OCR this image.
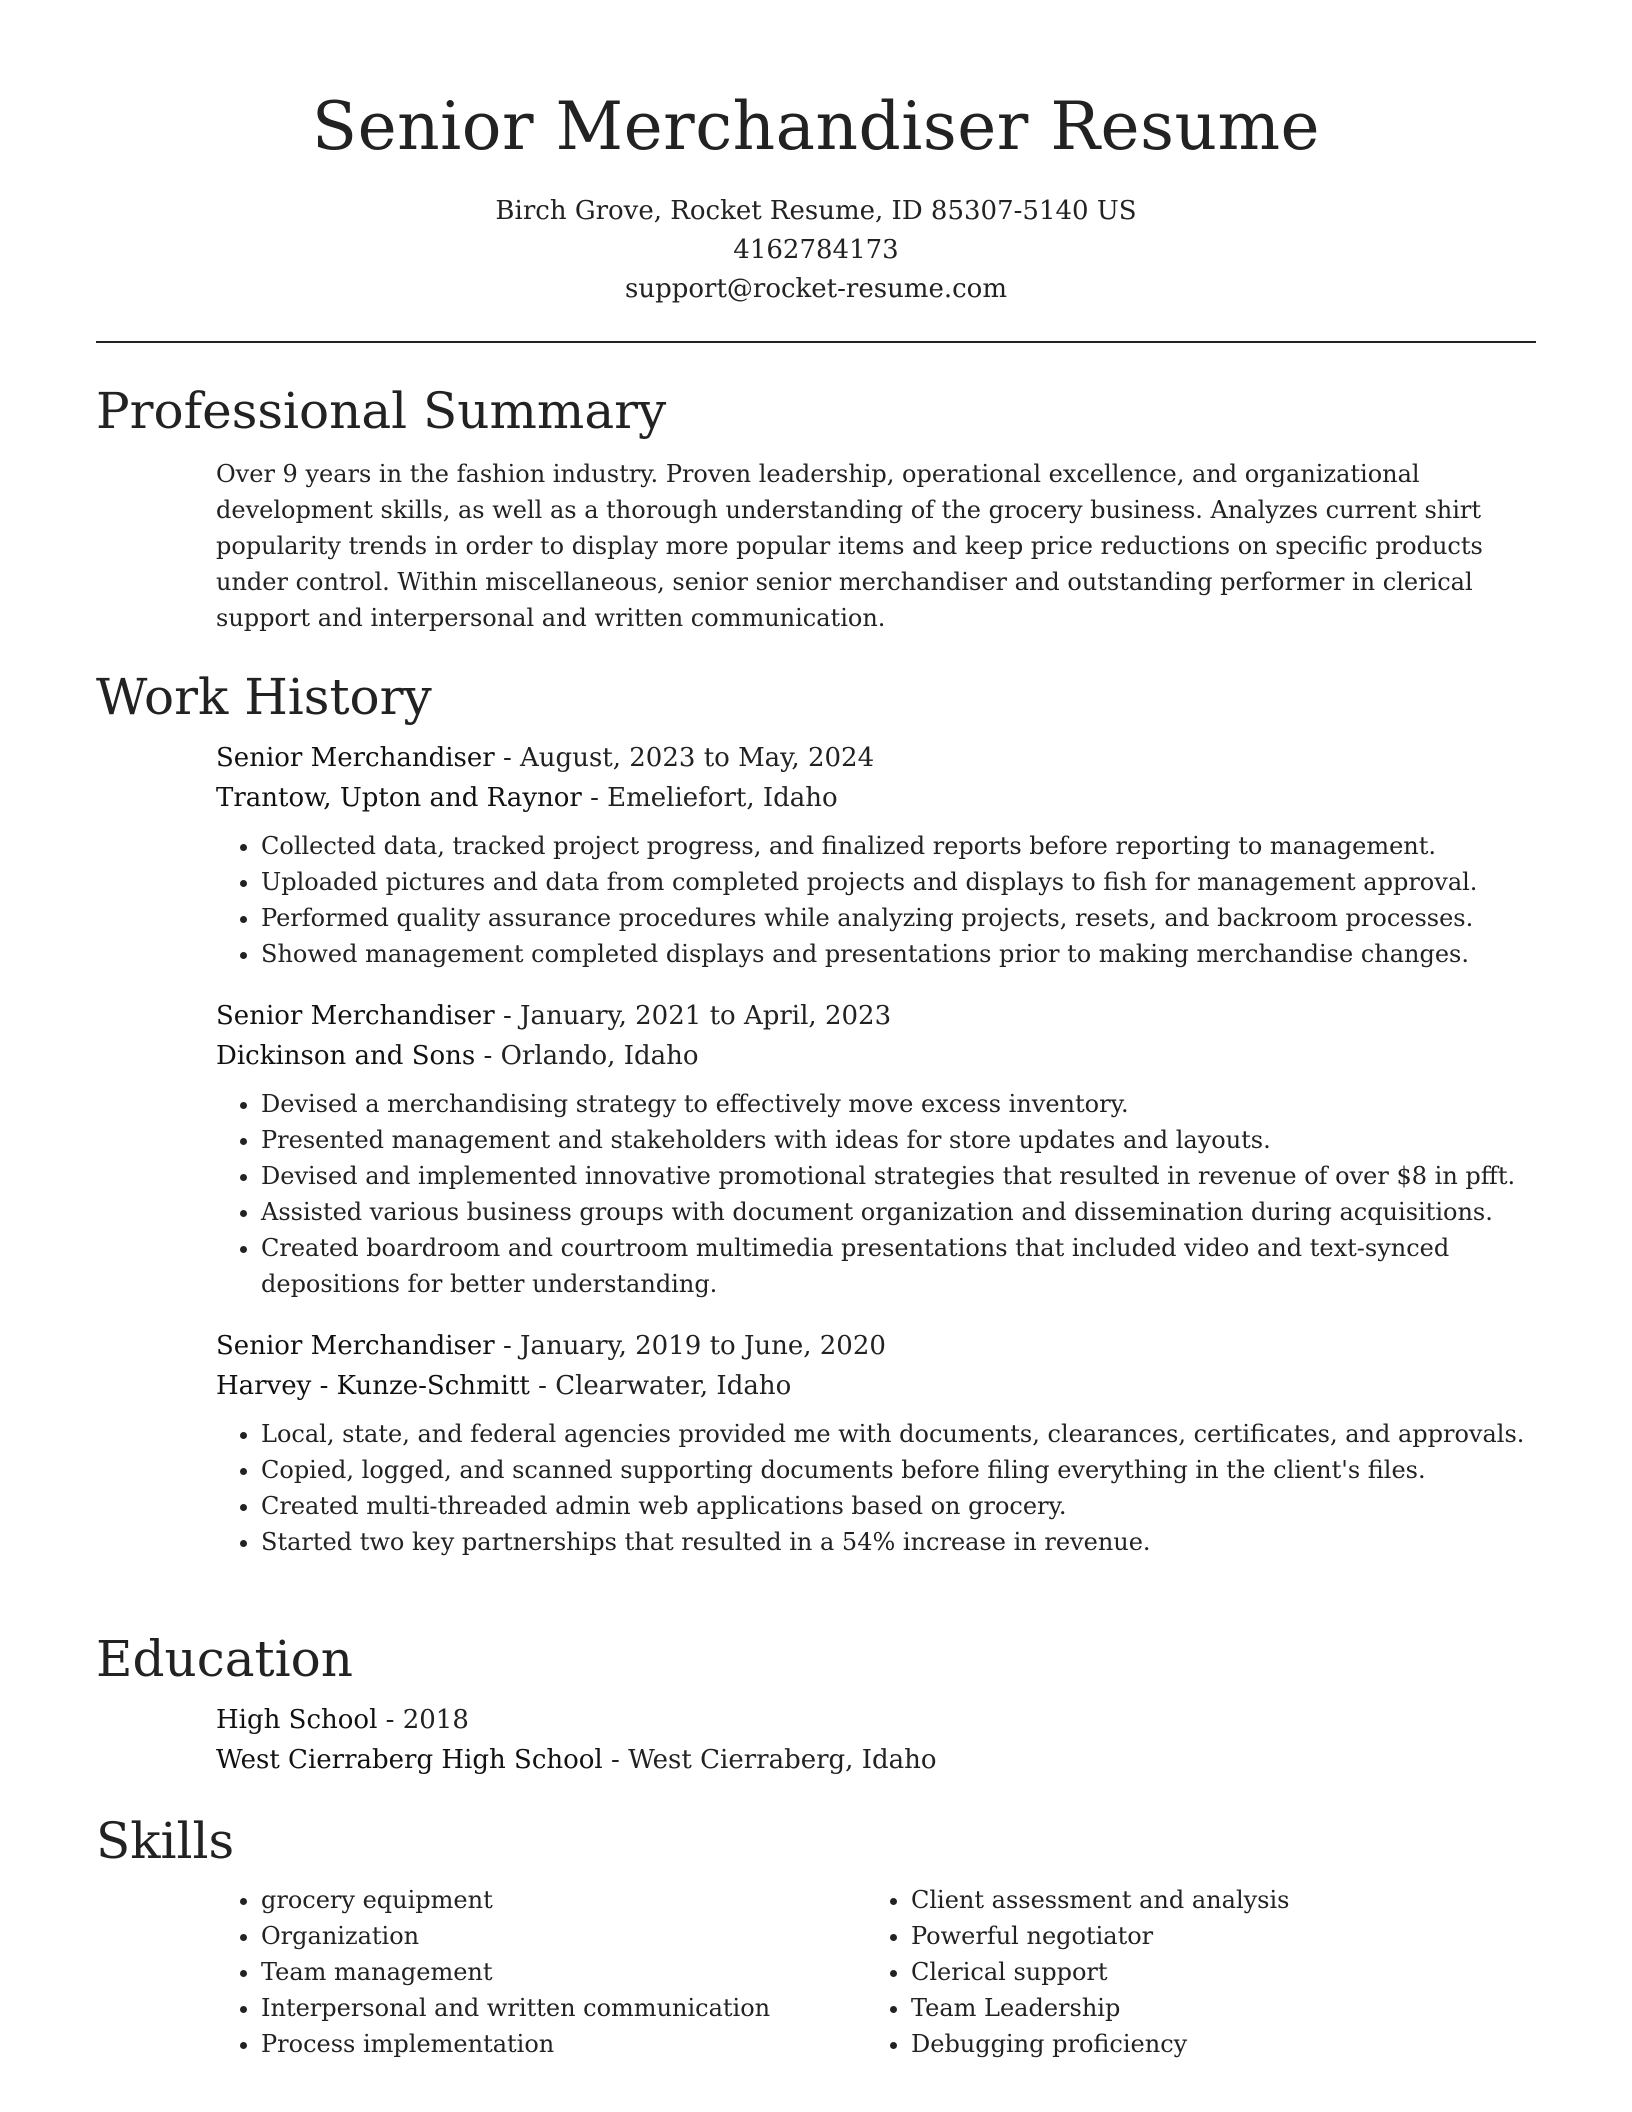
Senior Merchandiser Resume
Birch Grove, Rocket Resume, ID 85307-5140 US
4162784173
support@rocket-resume.com
Professional Summary

Over 9 years in the fashion industry. Proven leadership, operational excellence, and organizational development skills, as well as a thorough understanding of the grocery business. Analyzes current shirt popularity trends in order to display more popular items and keep price reductions on specific products under control. Within miscellaneous, senior senior merchandiser and outstanding performer in clerical support and interpersonal and written communication.

Work History
Senior Merchandiser - August, 2023 to May, 2024
Trantow, Upton and Raynor - Emeliefort, Idaho
• Collected data, tracked project progress, and finalized reports before reporting to management.
• Uploaded pictures and data from completed projects and displays to fish for management approval.
• Performed quality assurance procedures while analyzing projects, resets, and backroom processes.
• Showed management completed displays and presentations prior to making merchandise changes.
Senior Merchandiser - January, 2021 to April, 2023
Dickinson and Sons - Orlando, Idaho
• Devised a merchandising strategy to effectively move excess inventory.
• Presented management and stakeholders with ideas for store updates and layouts.
• Devised and implemented innovative promotional strategies that resulted in revenue of over $8 in pfft.
• Assisted various business groups with document organization and dissemination during acquisitions.
• Created boardroom and courtroom multimedia presentations that included video and text-synced depositions for better understanding.
Senior Merchandiser - January, 2019 to June, 2020
Harvey - Kunze-Schmitt - Clearwater, Idaho
• Local, state, and federal agencies provided me with documents, clearances, certificates, and approvals.
• Copied, logged, and scanned supporting documents before filing everything in the client's files.
• Created multi-threaded admin web applications based on grocery.
• Started two key partnerships that resulted in a 54% increase in revenue.
Education
High School - 2018
West Cierraberg High School - West Cierraberg, Idaho
Skills
• grocery equipment
• Organization
• Team management
• Interpersonal and written communication
• Process implementation
• Client assessment and analysis
• Powerful negotiator
• Clerical support
• Team Leadership
• Debugging proficiency
